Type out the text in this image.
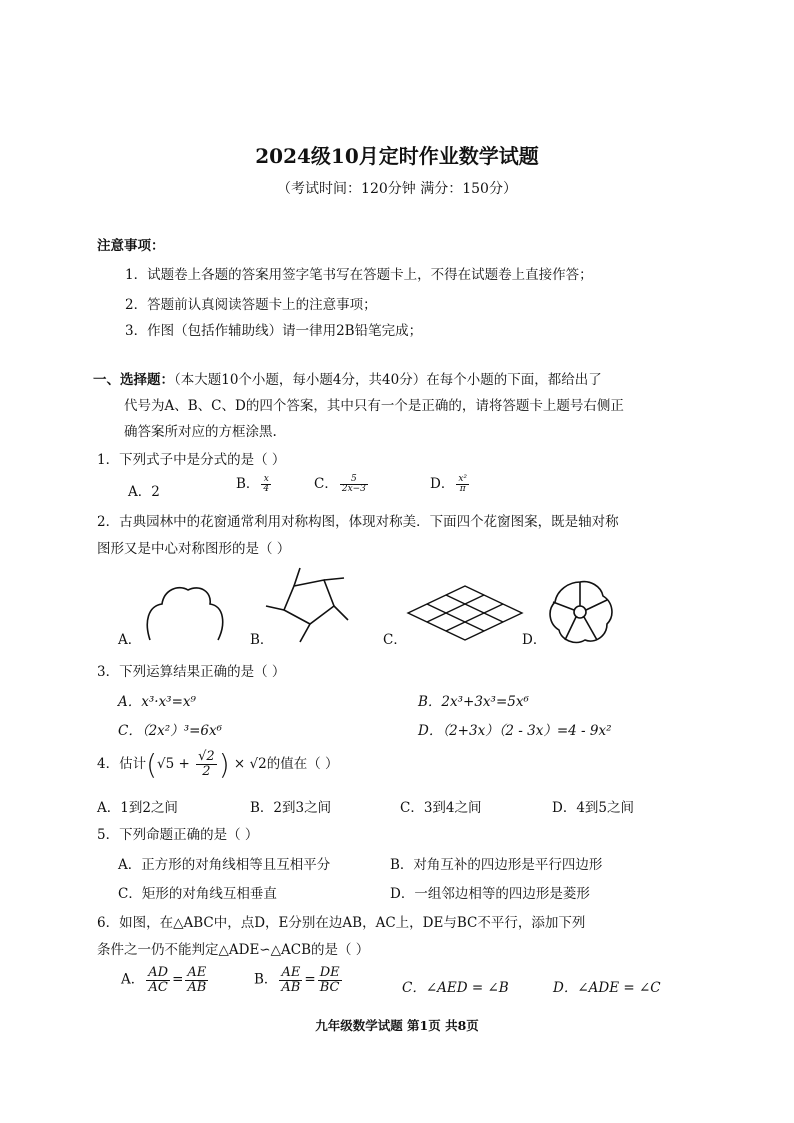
2024级10月定时作业数学试题
（考试时间：120分钟 满分：150分）
注意事项：
1．试题卷上各题的答案用签字笔书写在答题卡上，不得在试题卷上直接作答；
2．答题前认真阅读答题卡上的注意事项；
3．作图（包括作辅助线）请一律用2B铅笔完成；
一、选择题：（本大题10个小题，每小题4分，共40分）在每个小题的下面，都给出了
代号为A、B、C、D的四个答案，其中只有一个是正确的，请将答题卡上题号右侧正
确答案所对应的方框涂黑.
1．下列式子中是分式的是（ ）
A．2	B． $\frac{x}{4}$	C． $\frac{5}{2x-3}$	D． $\frac{\text{x²}}{\pi}$
2．古典园林中的花窗通常利用对称构图，体现对称美．下面四个花窗图案，既是轴对称
图形又是中心对称图形的是（ ）
A．	B．	C．	D．
3．下列运算结果正确的是（ ）
A．x³·x³=x⁹	B．2x³+3x³=5x⁶
C．（2x²）³=6x⁶	D．（2+3x）（2 - 3x）=4 - 9x²
4．估计($√5 + \frac{√2}{2}$ ) × √2的值在（ ）
A．1到2之间	B．2到3之间	C．3到4之间	D．4到5之间
5．下列命题正确的是（ ）
A．正方形的对角线相等且互相平分	B．对角互补的四边形是平行四边形
C．矩形的对角线互相垂直	D．一组邻边相等的四边形是菱形
6．如图，在△ABC中，点D，E分别在边AB，AC上，DE与BC不平行，添加下列
条件之一仍不能判定△ADE∽△ACB的是（ ）
A． $\frac{AD}{AC} = \frac{AE}{AB}$	B． $\frac{AE}{AB} = \frac{DE}{BC}$	C．∠AED = ∠B	D．∠ADE = ∠C
九年级数学试题 第1页 共8页
